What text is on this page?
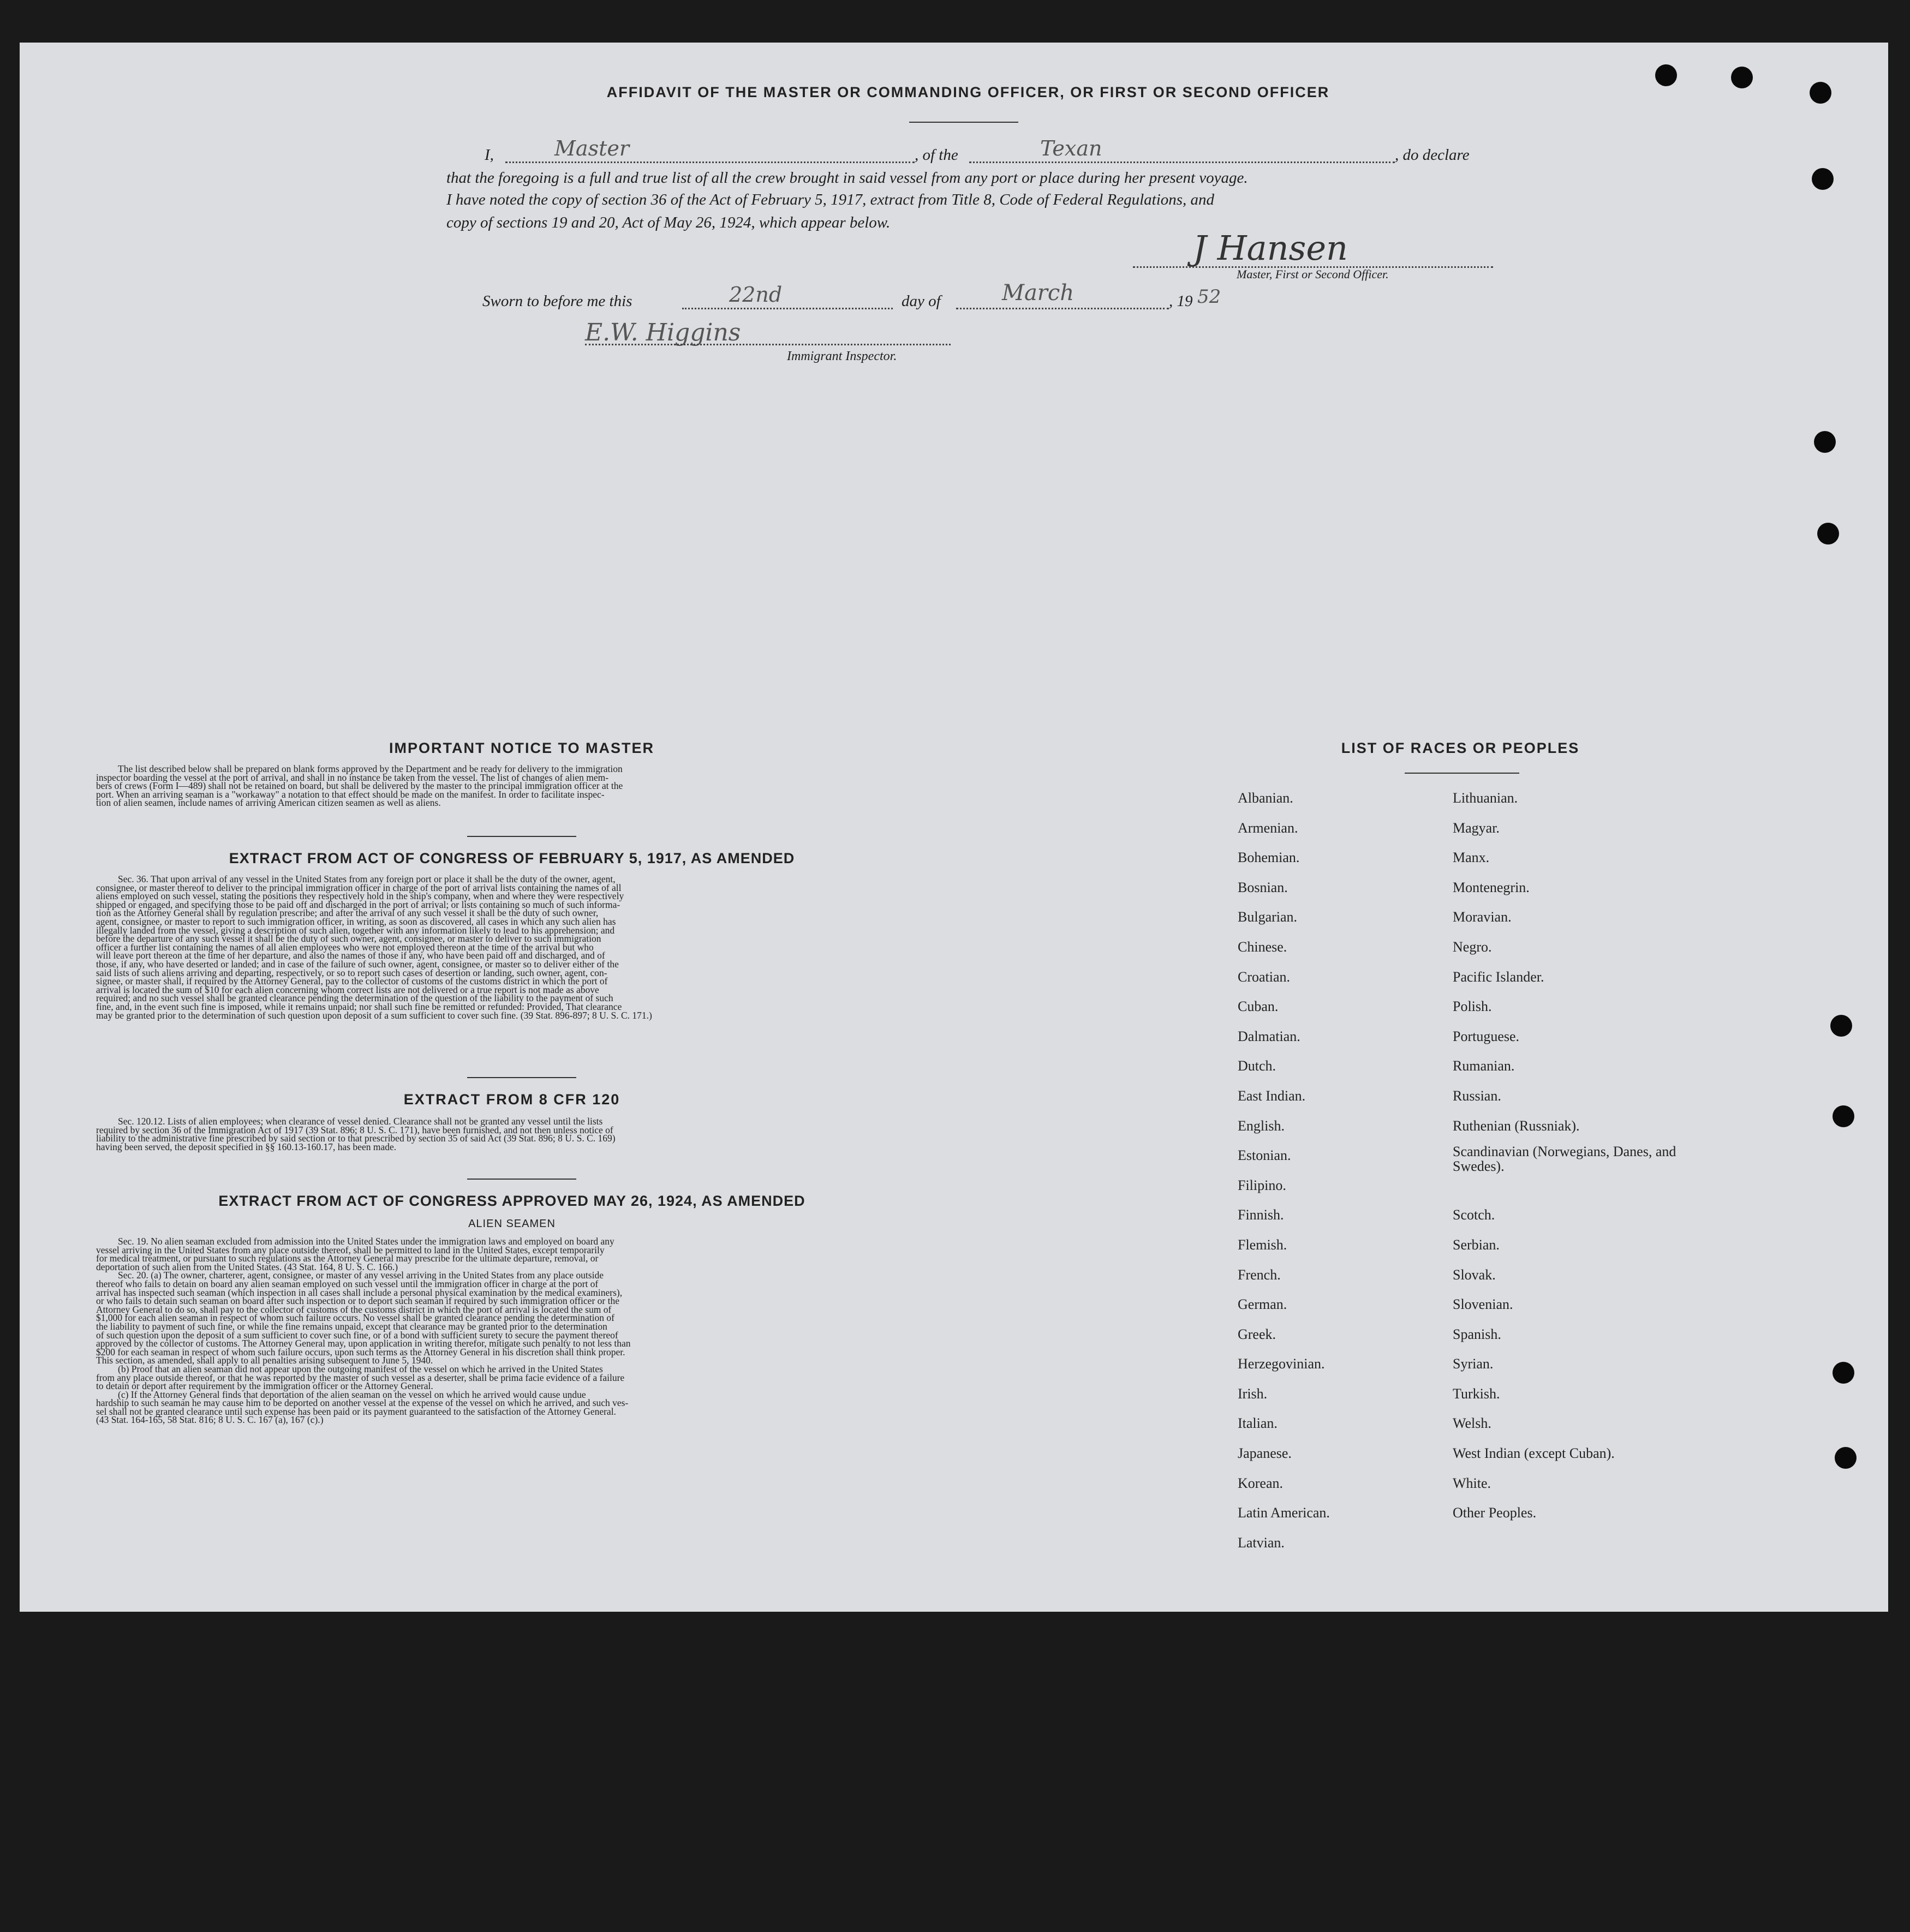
AFFIDAVIT OF THE MASTER OR COMMANDING OFFICER, OR FIRST OR SECOND OFFICER
I,	Master	, of the	Texan	, do declare
that the foregoing is a full and true list of all the crew brought in said vessel from any port or place during her present voyage.
I have noted the copy of section 36 of the Act of February 5, 1917, extract from Title 8, Code of Federal Regulations, and
copy of sections 19 and 20, Act of May 26, 1924, which appear below.
J Hansen
Master, First or Second Officer.
Sworn to before me this	22nd	day of	March	, 19 52
E.W. Higgins
Immigrant Inspector.
IMPORTANT NOTICE TO MASTER
The list described below shall be prepared on blank forms approved by the Department and be ready for delivery to the immigration
inspector boarding the vessel at the port of arrival, and shall in no instance be taken from the vessel. The list of changes of alien mem-
bers of crews (Form I—489) shall not be retained on board, but shall be delivered by the master to the principal immigration officer at the
port. When an arriving seaman is a "workaway" a notation to that effect should be made on the manifest. In order to facilitate inspec-
tion of alien seamen, include names of arriving American citizen seamen as well as aliens.
EXTRACT FROM ACT OF CONGRESS OF FEBRUARY 5, 1917, AS AMENDED
Sec. 36. That upon arrival of any vessel in the United States from any foreign port or place it shall be the duty of the owner, agent,
consignee, or master thereof to deliver to the principal immigration officer in charge of the port of arrival lists containing the names of all
aliens employed on such vessel, stating the positions they respectively hold in the ship's company, when and where they were respectively
shipped or engaged, and specifying those to be paid off and discharged in the port of arrival; or lists containing so much of such informa-
tion as the Attorney General shall by regulation prescribe; and after the arrival of any such vessel it shall be the duty of such owner,
agent, consignee, or master to report to such immigration officer, in writing, as soon as discovered, all cases in which any such alien has
illegally landed from the vessel, giving a description of such alien, together with any information likely to lead to his apprehension; and
before the departure of any such vessel it shall be the duty of such owner, agent, consignee, or master to deliver to such immigration
officer a further list containing the names of all alien employees who were not employed thereon at the time of the arrival but who
will leave port thereon at the time of her departure, and also the names of those if any, who have been paid off and discharged, and of
those, if any, who have deserted or landed; and in case of the failure of such owner, agent, consignee, or master so to deliver either of the
said lists of such aliens arriving and departing, respectively, or so to report such cases of desertion or landing, such owner, agent, con-
signee, or master shall, if required by the Attorney General, pay to the collector of customs of the customs district in which the port of
arrival is located the sum of $10 for each alien concerning whom correct lists are not delivered or a true report is not made as above
required; and no such vessel shall be granted clearance pending the determination of the question of the liability to the payment of such
fine, and, in the event such fine is imposed, while it remains unpaid; nor shall such fine be remitted or refunded: Provided, That clearance
may be granted prior to the determination of such question upon deposit of a sum sufficient to cover such fine. (39 Stat. 896-897; 8 U. S. C. 171.)
EXTRACT FROM 8 CFR 120
Sec. 120.12. Lists of alien employees; when clearance of vessel denied. Clearance shall not be granted any vessel until the lists
required by section 36 of the Immigration Act of 1917 (39 Stat. 896; 8 U. S. C. 171), have been furnished, and not then unless notice of
liability to the administrative fine prescribed by said section or to that prescribed by section 35 of said Act (39 Stat. 896; 8 U. S. C. 169)
having been served, the deposit specified in §§ 160.13-160.17, has been made.
EXTRACT FROM ACT OF CONGRESS APPROVED MAY 26, 1924, AS AMENDED
ALIEN SEAMEN
Sec. 19. No alien seaman excluded from admission into the United States under the immigration laws and employed on board any
vessel arriving in the United States from any place outside thereof, shall be permitted to land in the United States, except temporarily
for medical treatment, or pursuant to such regulations as the Attorney General may prescribe for the ultimate departure, removal, or
deportation of such alien from the United States. (43 Stat. 164, 8 U. S. C. 166.)
Sec. 20. (a) The owner, charterer, agent, consignee, or master of any vessel arriving in the United States from any place outside
thereof who fails to detain on board any alien seaman employed on such vessel until the immigration officer in charge at the port of
arrival has inspected such seaman (which inspection in all cases shall include a personal physical examination by the medical examiners),
or who fails to detain such seaman on board after such inspection or to deport such seaman if required by such immigration officer or the
Attorney General to do so, shall pay to the collector of customs of the customs district in which the port of arrival is located the sum of
$1,000 for each alien seaman in respect of whom such failure occurs. No vessel shall be granted clearance pending the determination of
the liability to payment of such fine, or while the fine remains unpaid, except that clearance may be granted prior to the determination
of such question upon the deposit of a sum sufficient to cover such fine, or of a bond with sufficient surety to secure the payment thereof
approved by the collector of customs. The Attorney General may, upon application in writing therefor, mitigate such penalty to not less than
$200 for each seaman in respect of whom such failure occurs, upon such terms as the Attorney General in his discretion shall think proper.
This section, as amended, shall apply to all penalties arising subsequent to June 5, 1940.
(b) Proof that an alien seaman did not appear upon the outgoing manifest of the vessel on which he arrived in the United States
from any place outside thereof, or that he was reported by the master of such vessel as a deserter, shall be prima facie evidence of a failure
to detain or deport after requirement by the immigration officer or the Attorney General.
(c) If the Attorney General finds that deportation of the alien seaman on the vessel on which he arrived would cause undue
hardship to such seaman he may cause him to be deported on another vessel at the expense of the vessel on which he arrived, and such ves-
sel shall not be granted clearance until such expense has been paid or its payment guaranteed to the satisfaction of the Attorney General.
(43 Stat. 164-165, 58 Stat. 816; 8 U. S. C. 167 (a), 167 (c).)
LIST OF RACES OR PEOPLES
Albanian.
Armenian.
Bohemian.
Bosnian.
Bulgarian.
Chinese.
Croatian.
Cuban.
Dalmatian.
Dutch.
East Indian.
English.
Estonian.
Filipino.
Finnish.
Flemish.
French.
German.
Greek.
Herzegovinian.
Irish.
Italian.
Japanese.
Korean.
Latin American.
Latvian.
Lithuanian.
Magyar.
Manx.
Montenegrin.
Moravian.
Negro.
Pacific Islander.
Polish.
Portuguese.
Rumanian.
Russian.
Ruthenian (Russniak).
Scandinavian (Norwegians, Danes, and Swedes).
Scotch.
Serbian.
Slovak.
Slovenian.
Spanish.
Syrian.
Turkish.
Welsh.
West Indian (except Cuban).
White.
Other Peoples.
